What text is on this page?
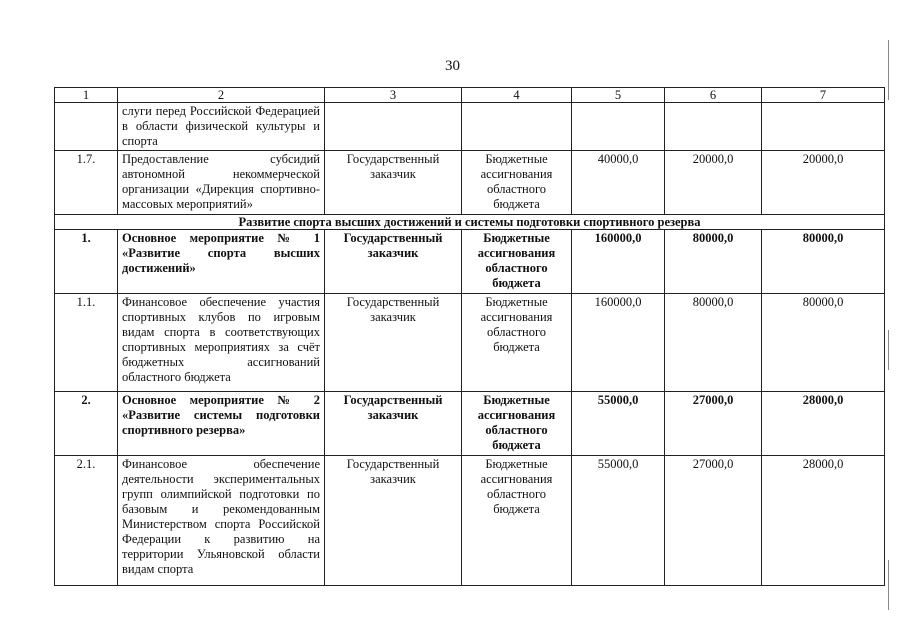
30
1	2	3	4	5	6	7
	слуги перед Российской Федерацией в области физической культуры и спорта					
1.7.	Предоставление субсидий автономной некоммерческой организации «Дирекция спортивно-массовых мероприятий»	Государственный заказчик	Бюджетные ассигнования областного бюджета	40000,0	20000,0	20000,0
Развитие спорта высших достижений и системы подготовки спортивного резерва						
1.	Основное мероприятие № 1 «Развитие спорта высших достижений»	Государственный заказчик	Бюджетные ассигнования областного бюджета	160000,0	80000,0	80000,0
1.1.	Финансовое обеспечение участия спортивных клубов по игровым видам спорта в соответствующих спортивных мероприятиях за счёт бюджетных ассигнований областного бюджета	Государственный заказчик	Бюджетные ассигнования областного бюджета	160000,0	80000,0	80000,0
2.	Основное мероприятие № 2 «Развитие системы подготовки спортивного резерва»	Государственный заказчик	Бюджетные ассигнования областного бюджета	55000,0	27000,0	28000,0
2.1.	Финансовое обеспечение деятельности экспериментальных групп олимпийской подготовки по базовым и рекомендованным Министерством спорта Российской Федерации к развитию на территории Ульяновской области видам спорта	Государственный заказчик	Бюджетные ассигнования областного бюджета	55000,0	27000,0	28000,0
